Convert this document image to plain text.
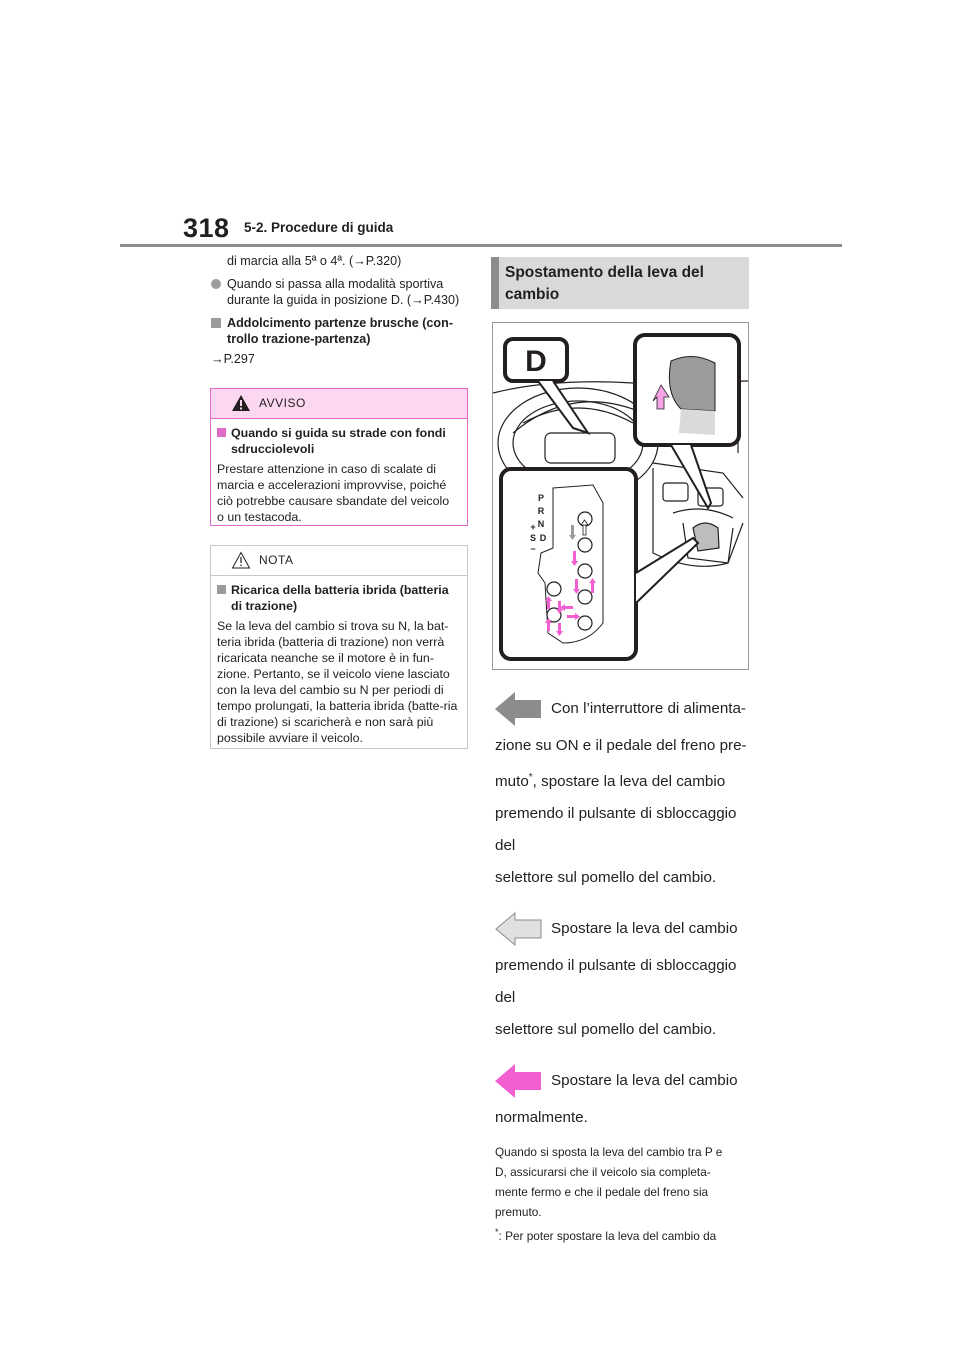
318 5-2. Procedure di guida
di marcia alla 5ª o 4ª. (→P.320)
Quando si passa alla modalità sportiva durante la guida in posizione D. (→P.430)
Addolcimento partenze brusche (con-trollo trazione-partenza)
→P.297
AVVISO
Quando si guida su strade con fondi sdrucciolevoli

Prestare attenzione in caso di scalate di marcia e accelerazioni improvvise, poiché ciò potrebbe causare sbandate del veicolo o un testacoda.

NOTA
Ricarica della batteria ibrida (batteria di trazione)

Se la leva del cambio si trova su N, la bat-teria ibrida (batteria di trazione) non verrà ricaricata neanche se il motore è in fun-zione. Pertanto, se il veicolo viene lasciato con la leva del cambio su N per periodi di tempo prolungati, la batteria ibrida (batte-ria di trazione) si scaricherà e non sarà più possibile avviare il veicolo.

Spostamento della leva del cambio
D
P
R
N
+
S D
−
Con l’interruttore di alimenta-
zione su ON e il pedale del freno pre-
muto*, spostare la leva del cambio
premendo il pulsante di sbloccaggio del
selettore sul pomello del cambio.
Spostare la leva del cambio
premendo il pulsante di sbloccaggio del
selettore sul pomello del cambio.
Spostare la leva del cambio
normalmente.
Quando si sposta la leva del cambio tra P e
D, assicurarsi che il veicolo sia completa-
mente fermo e che il pedale del freno sia
premuto.
*: Per poter spostare la leva del cambio da
